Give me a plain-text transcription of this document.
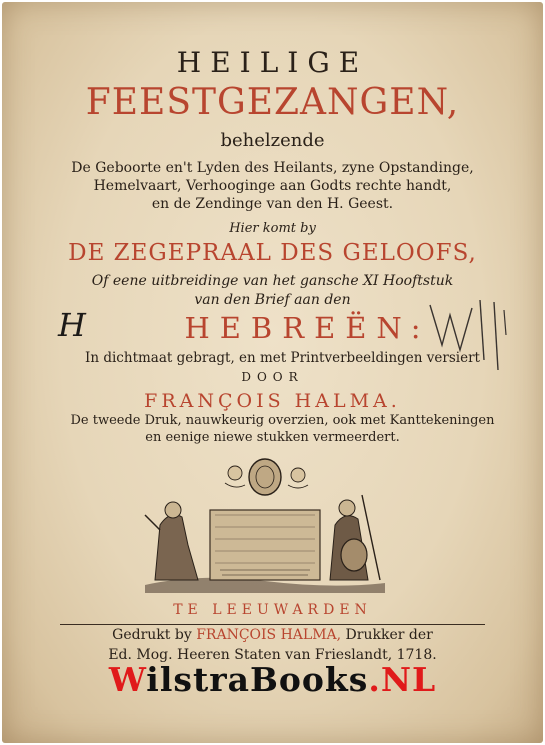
HEILIGE
FEESTGEZANGEN,
behelzende
De Geboorte en't Lyden des Heilants, zyne Opstandinge,
Hemelvaart, Verhooginge aan Godts rechte handt,
en de Zendinge van den H. Geest.
Hier komt by
DE ZEGEPRAAL DES GELOOFS,
Of eene uitbreidinge van het gansche XI Hooftstuk
van den Brief aan den
H	HEBREËN:
In dichtmaat gebragt, en met Printverbeeldingen versiert
DOOR
FRANÇOIS HALMA.
De tweede Druk, nauwkeurig overzien, ook met Kanttekeningen
en eenige niewe stukken vermeerdert.
TE LEEUWARDEN
Gedrukt by FRANÇOIS HALMA, Drukker der
Ed. Mog. Heeren Staten van Frieslandt, 1718.
WilstraBooks.NL
